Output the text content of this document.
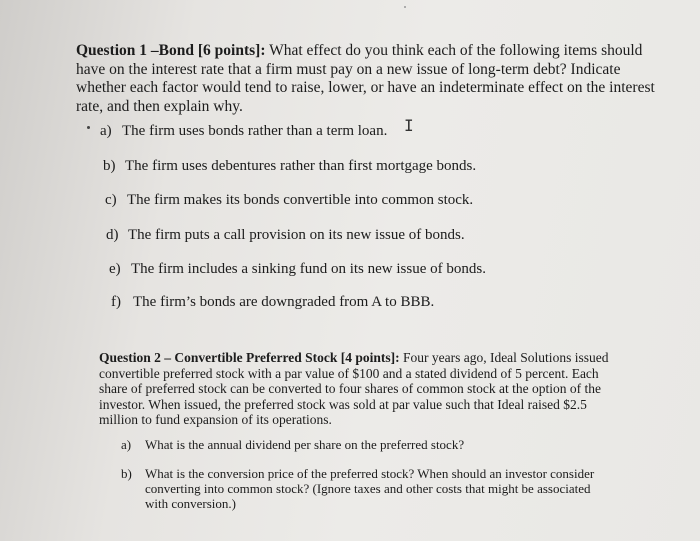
Question 1 –Bond [6 points]: What effect do you think each of the following items should have on the interest rate that a firm must pay on a new issue of long-term debt? Indicate whether each factor would tend to raise, lower, or have an indeterminate effect on the interest rate, and then explain why.
I
a) The firm uses bonds rather than a term loan.
b) The firm uses debentures rather than first mortgage bonds.
c) The firm makes its bonds convertible into common stock.
d) The firm puts a call provision on its new issue of bonds.
e) The firm includes a sinking fund on its new issue of bonds.
f) The firm’s bonds are downgraded from A to BBB.
Question 2 – Convertible Preferred Stock [4 points]: Four years ago, Ideal Solutions issued convertible preferred stock with a par value of $100 and a stated dividend of 5 percent. Each share of preferred stock can be converted to four shares of common stock at the option of the investor. When issued, the preferred stock was sold at par value such that Ideal raised $2.5 million to fund expansion of its operations.
a) What is the annual dividend per share on the preferred stock?
b) What is the conversion price of the preferred stock? When should an investor consider converting into common stock? (Ignore taxes and other costs that might be associated with conversion.)
